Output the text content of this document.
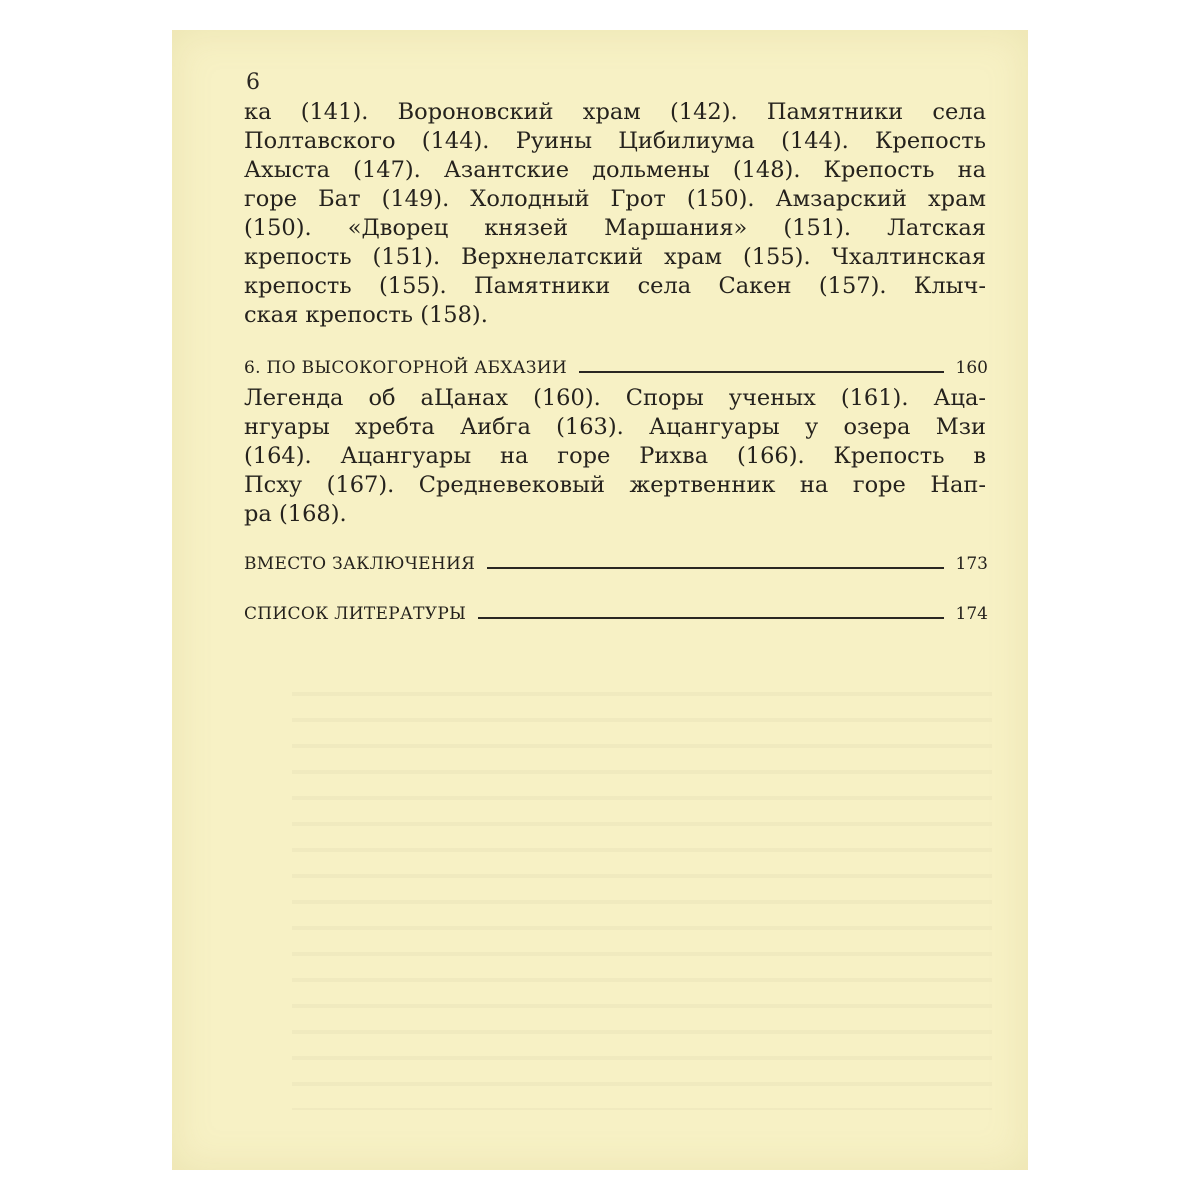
6

ка (141). Вороновский храм (142). Памятники села
Полтавского (144). Руины Цибилиума (144). Крепость
Ахыста (147). Азантские дольмены (148). Крепость на
горе Бат (149). Холодный Грот (150). Амзарский храм
(150). «Дворец князей Маршания» (151). Латская
крепость (151). Верхнелатский храм (155). Чхалтинская
крепость (155). Памятники села Сакен (157). Клыч-
ская крепость (158).

6. ПО ВЫСОКОГОРНОЙ АБХАЗИИ	160

Легенда об аЦанах (160). Споры ученых (161). Аца-
нгуары хребта Аибга (163). Ацангуары у озера Мзи
(164). Ацангуары на горе Рихва (166). Крепость в
Псху (167). Средневековый жертвенник на горе Нап-
ра (168).

ВМЕСТО ЗАКЛЮЧЕНИЯ	173
СПИСОК ЛИТЕРАТУРЫ	174
